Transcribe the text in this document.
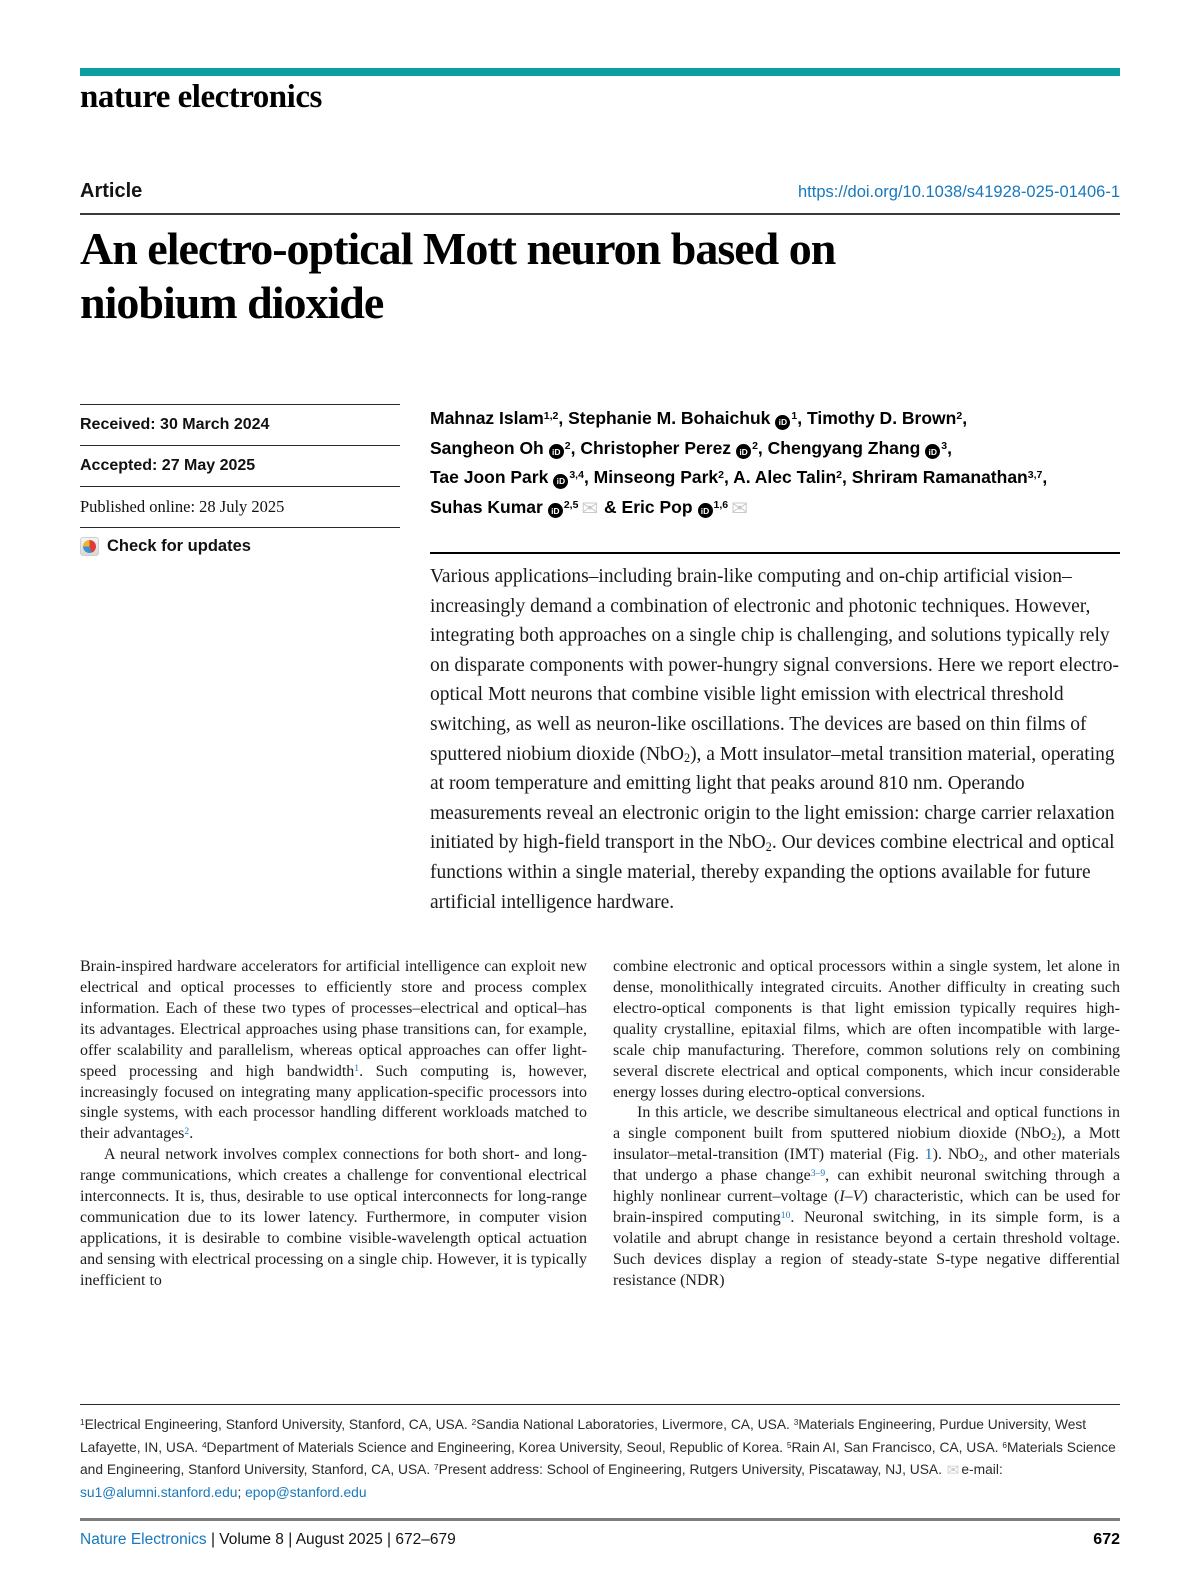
nature electronics
Article	https://doi.org/10.1038/s41928-025-01406-1
An electro-optical Mott neuron based on
niobium dioxide
Received: 30 March 2024
Accepted: 27 May 2025
Published online: 28 July 2025
Check for updates
Mahnaz Islam$^{1,2}$, Stephanie M. Bohaichuk iD $^1$, Timothy D. Brown$^2$,
Sangheon Oh iD $^2$, Christopher Perez iD $^2$, Chengyang Zhang iD $^3$,
Tae Joon Park iD $^{3,4}$, Minseong Park$^2$, A. Alec Talin$^2$, Shriram Ramanathan$^{3,7}$,
Suhas Kumar iD $^{2,5}$ ✉ & Eric Pop iD $^{1,6}$ ✉

Various applications–including brain-like computing and on-chip artificial vision–increasingly demand a combination of electronic and photonic techniques. However, integrating both approaches on a single chip is challenging, and solutions typically rely on disparate components with power-hungry signal conversions. Here we report electro-optical Mott neurons that combine visible light emission with electrical threshold switching, as well as neuron-like oscillations. The devices are based on thin films of sputtered niobium dioxide (NbO$_2$), a Mott insulator–metal transition material, operating at room temperature and emitting light that peaks around 810 nm. Operando measurements reveal an electronic origin to the light emission: charge carrier relaxation initiated by high-field transport in the NbO$_2$. Our devices combine electrical and optical functions within a single material, thereby expanding the options available for future artificial intelligence hardware.

Brain-inspired hardware accelerators for artificial intelligence can exploit new electrical and optical processes to efficiently store and process complex information. Each of these two types of processes–electrical and optical–has its advantages. Electrical approaches using phase transitions can, for example, offer scalability and parallelism, whereas optical approaches can offer light-speed processing and high bandwidth$^1$. Such computing is, however, increasingly focused on integrating many application-specific processors into single systems, with each processor handling different workloads matched to their advantages$^2$.

A neural network involves complex connections for both short- and long-range communications, which creates a challenge for conventional electrical interconnects. It is, thus, desirable to use optical interconnects for long-range communication due to its lower latency. Furthermore, in computer vision applications, it is desirable to combine visible-wavelength optical actuation and sensing with electrical processing on a single chip. However, it is typically inefficient to

combine electronic and optical processors within a single system, let alone in dense, monolithically integrated circuits. Another difficulty in creating such electro-optical components is that light emission typically requires high-quality crystalline, epitaxial films, which are often incompatible with large-scale chip manufacturing. Therefore, common solutions rely on combining several discrete electrical and optical components, which incur considerable energy losses during electro-optical conversions.

In this article, we describe simultaneous electrical and optical functions in a single component built from sputtered niobium dioxide (NbO$_2$), a Mott insulator–metal-transition (IMT) material (Fig. 1). NbO$_2$, and other materials that undergo a phase change$^{3-9}$, can exhibit neuronal switching through a highly nonlinear current–voltage (I–V) characteristic, which can be used for brain-inspired computing$^{10}$. Neuronal switching, in its simple form, is a volatile and abrupt change in resistance beyond a certain threshold voltage. Such devices display a region of steady-state S-type negative differential resistance (NDR)

$^1$Electrical Engineering, Stanford University, Stanford, CA, USA. $^2$Sandia National Laboratories, Livermore, CA, USA. $^3$Materials Engineering, Purdue University, West Lafayette, IN, USA. $^4$Department of Materials Science and Engineering, Korea University, Seoul, Republic of Korea. $^5$Rain AI, San Francisco, CA, USA. $^6$Materials Science and Engineering, Stanford University, Stanford, CA, USA. $^7$Present address: School of Engineering, Rutgers University, Piscataway, NJ, USA. ✉ e-mail: su1@alumni.stanford.edu; epop@stanford.edu

Nature Electronics | Volume 8 | August 2025 | 672–679	672
